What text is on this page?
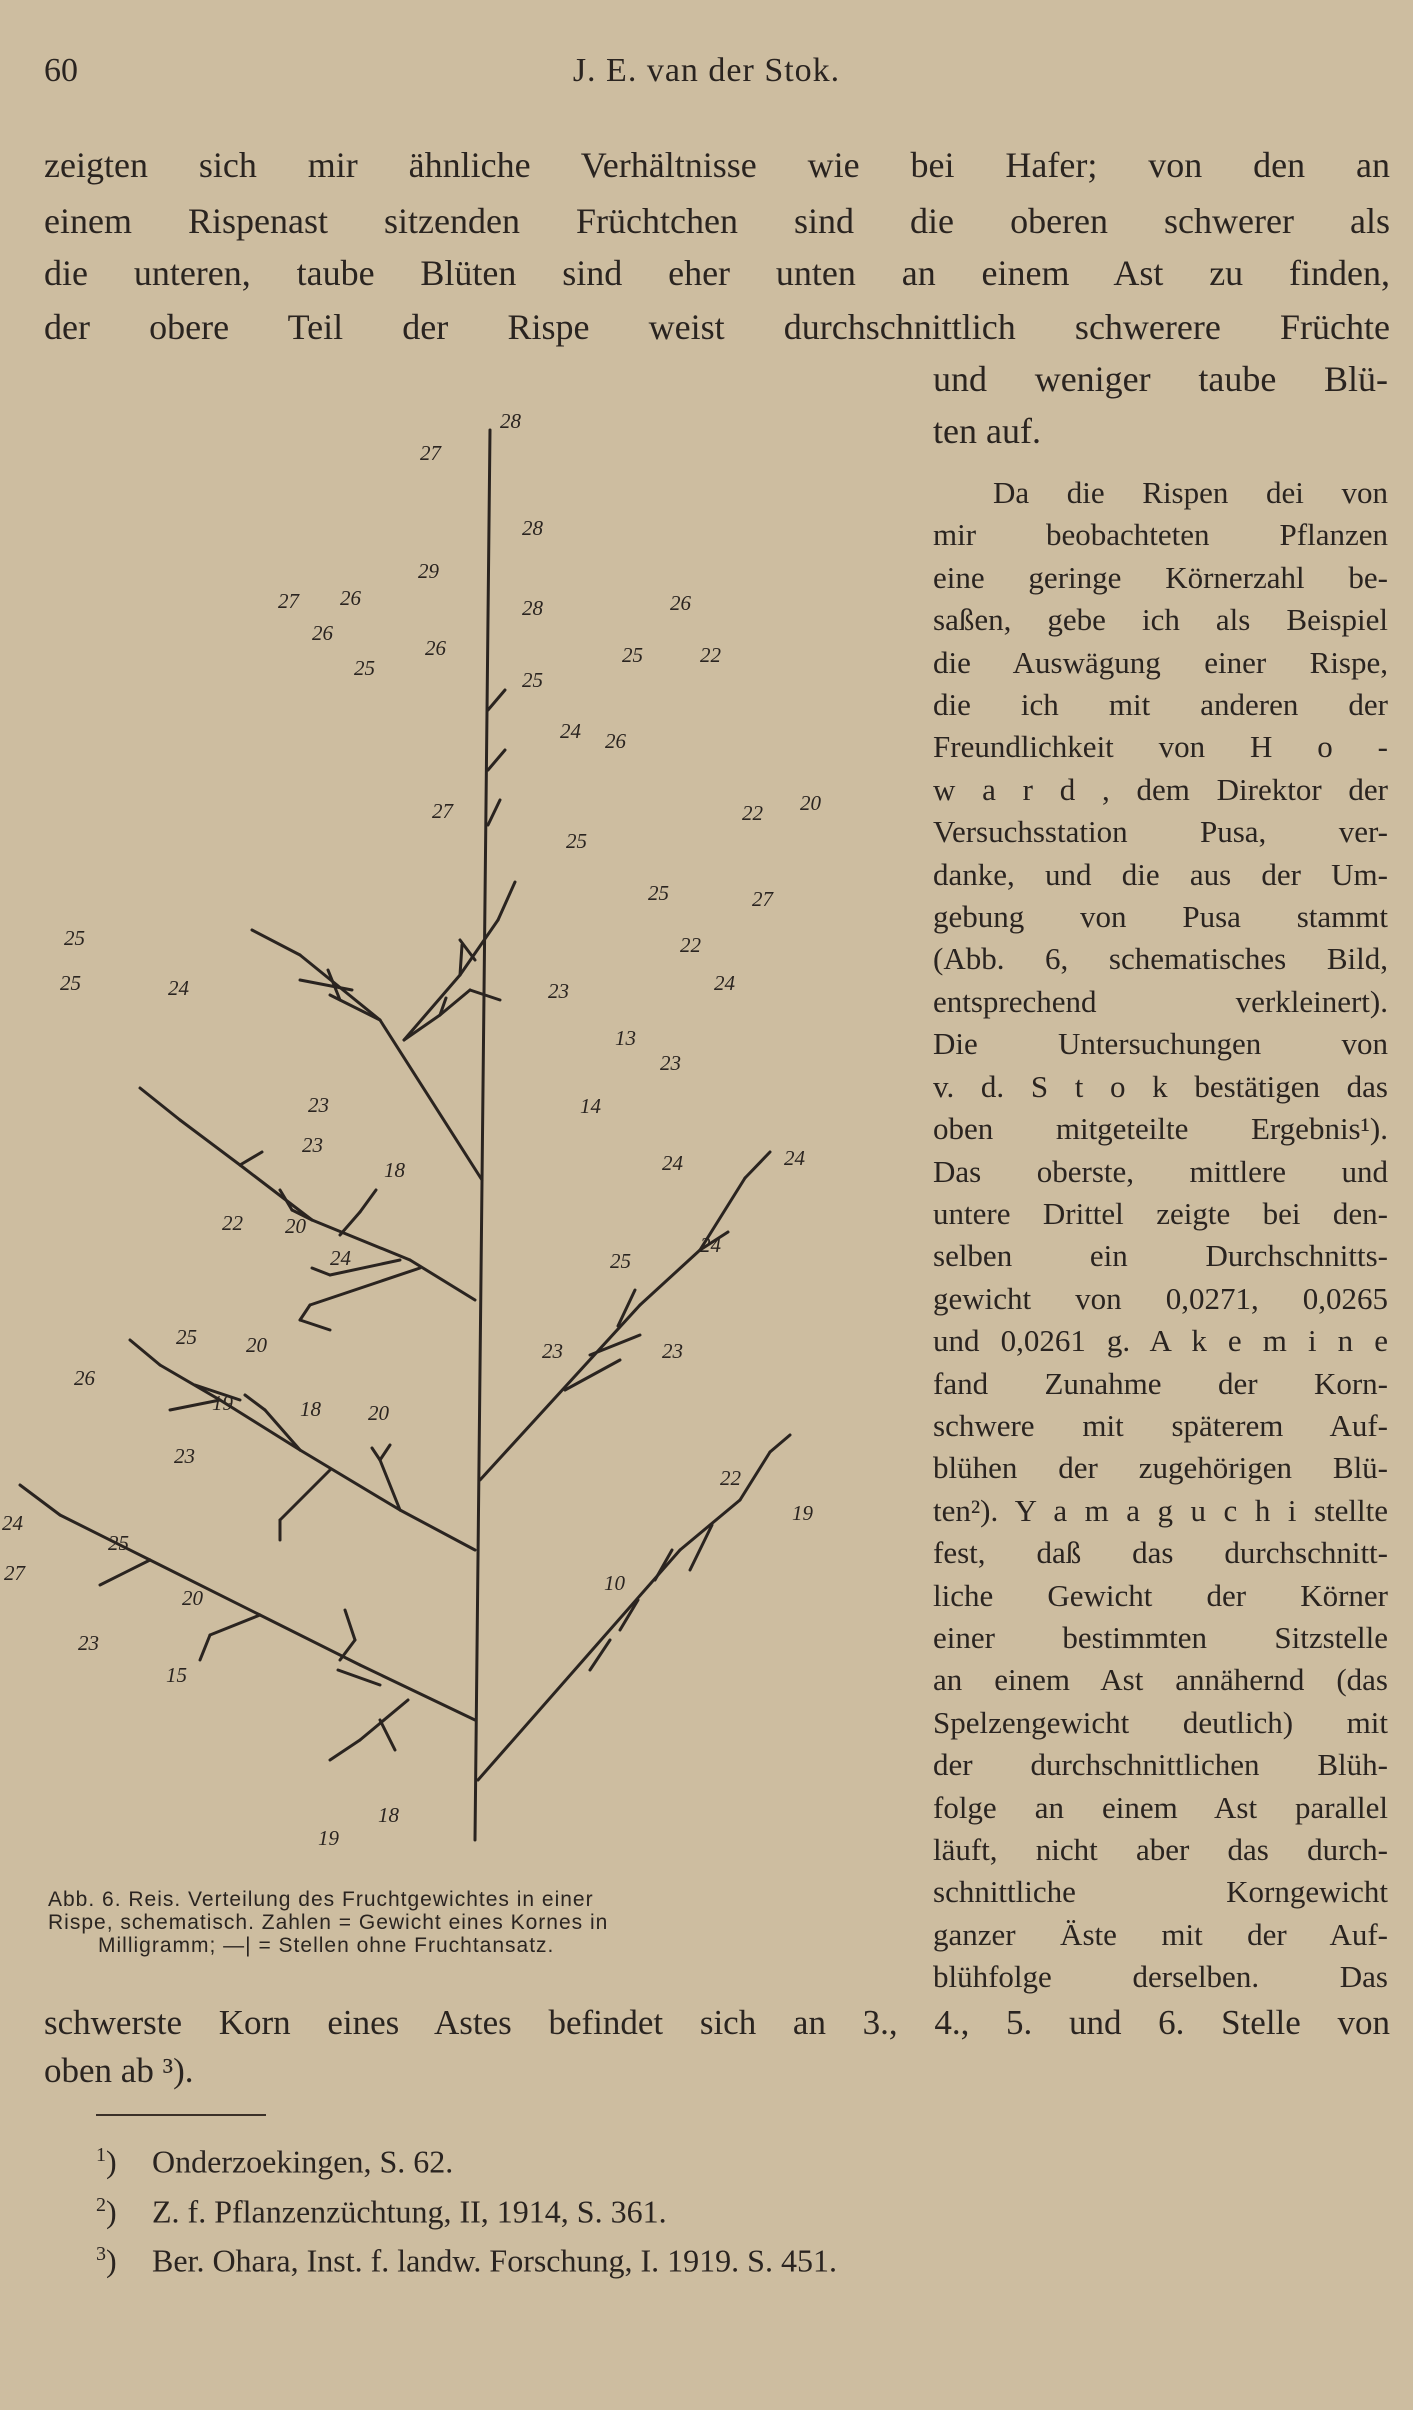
60	J. E. van der Stok.

zeigten sich mir ähnliche Verhältnisse wie bei Hafer; von den an

einem Rispenast sitzenden Früchtchen sind die oberen schwerer als

die unteren, taube Blüten sind eher unten an einem Ast zu finden,

der obere Teil der Rispe weist durchschnittlich schwerere Früchte

und weniger taube Blü-

ten auf.

Da die Rispen dei von
mir beobachteten Pflanzen
eine geringe Körnerzahl be-
saßen, gebe ich als Beispiel
die Auswägung einer Rispe,
die ich mit anderen der
Freundlichkeit von H o -
w a r d , dem Direktor der
Versuchsstation Pusa, ver-
danke, und die aus der Um-
gebung von Pusa stammt
(Abb. 6, schematisches Bild,
entsprechend verkleinert).
Die Untersuchungen von
v. d. S t o k bestätigen das
oben mitgeteilte Ergebnis¹).
Das oberste, mittlere und
untere Drittel zeigte bei den-
selben ein Durchschnitts-
gewicht von 0,0271, 0,0265
und 0,0261 g. A k e m i n e
fand Zunahme der Korn-
schwere mit späterem Auf-
blühen der zugehörigen Blü-
ten²). Y a m a g u c h i stellte
fest, daß das durchschnitt-
liche Gewicht der Körner
einer bestimmten Sitzstelle
an einem Ast annähernd (das
Spelzengewicht deutlich) mit
der durchschnittlichen Blüh-
folge an einem Ast parallel
läuft, nicht aber das durch-
schnittliche Korngewicht
ganzer Äste mit der Auf-
blühfolge derselben. Das
28
27
28
29
28
27 26
26
26
25
25	22
26
25
24 26
27
25
22 20
25	27
22
24
23
13
23
14
24	24
25
24
23	23
22
19
10
25
25	24
23
23
18
22 20
24
25 20
26
19	18 20
23
24
25
27
20
23
15
19
18
Abb. 6. Reis. Verteilung des Fruchtgewichtes in einer
Rispe, schematisch. Zahlen = Gewicht eines Kornes in
Milligramm; —| = Stellen ohne Fruchtansatz.

schwerste Korn eines Astes befindet sich an 3., 4., 5. und 6. Stelle von

oben ab ³).

$^1$) Onderzoekingen, S. 62.
$^2$) Z. f. Pflanzenzüchtung, II, 1914, S. 361.
$^3$) Ber. Ohara, Inst. f. landw. Forschung, I. 1919. S. 451.
